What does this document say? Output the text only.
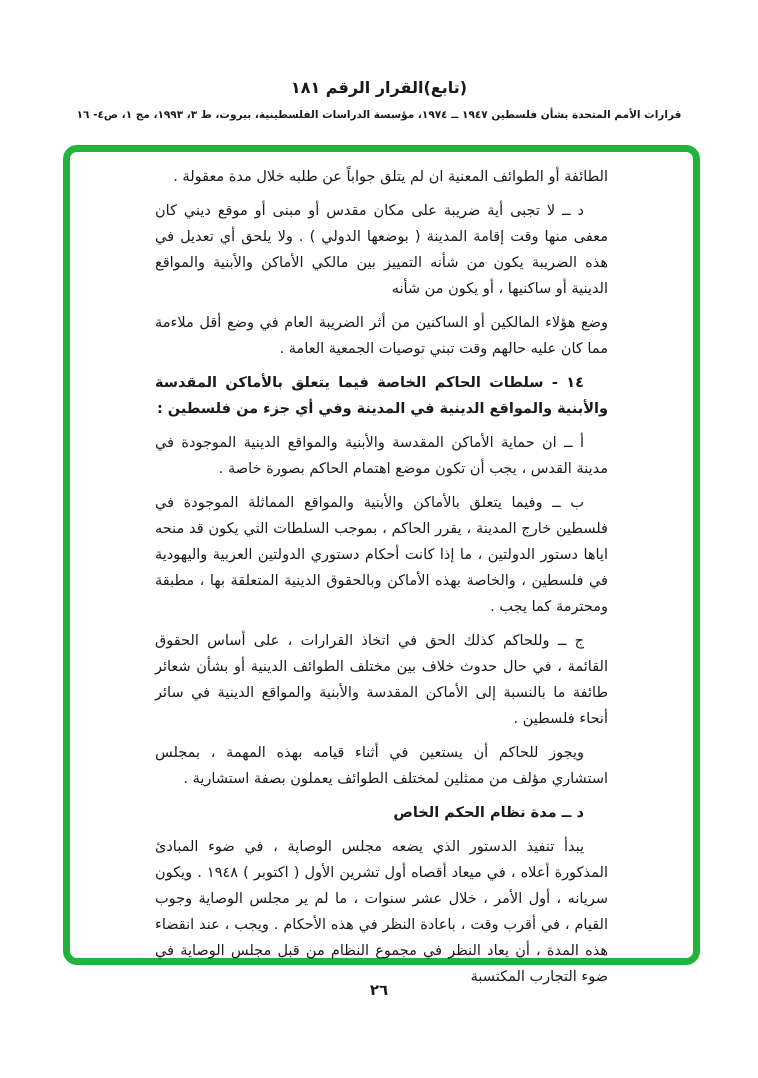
(تابع)القرار الرقم ١٨١
قرارات الأمم المتحدة بشأن فلسطين ١٩٤٧ ــ ١٩٧٤، مؤسسة الدراسات الفلسطينية، بيروت، ط ٣، ١٩٩٣، مج ١، ص٤- ١٦

الطائفة أو الطوائف المعنية ان لم يتلق جواباً عن طلبه خلال مدة معقولة .

د ــ لا تجبى أية ضريبة على مكان مقدس أو مبنى أو موقع ديني كان معفى منها وقت إقامة المدينة ( بوضعها الدولي ) . ولا يلحق أي تعديل في هذه الضريبة يكون من شأنه التمييز بين مالكي الأماكن والأبنية والمواقع الدينية أو ساكنيها ، أو يكون من شأنه

وضع هؤلاء المالكين أو الساكنين من أثر الضريبة العام في وضع أقل ملاءمة مما كان عليه حالهم وقت تبني توصيات الجمعية العامة .

١٤ - سلطات الحاكم الخاصة فيما يتعلق بالأماكن المقدسة والأبنية والمواقع الدينية في المدينة وفي أي جزء من فلسطين :

أ ــ ان حماية الأماكن المقدسة والأبنية والمواقع الدينية الموجودة في مدينة القدس ، يجب أن تكون موضع اهتمام الحاكم بصورة خاصة .

ب ــ وفيما يتعلق بالأماكن والأبنية والمواقع المماثلة الموجودة في فلسطين خارج المدينة ، يقرر الحاكم ، بموجب السلطات التي يكون قد منحه اياها دستور الدولتين ، ما إذا كانت أحكام دستوري الدولتين العربية واليهودية في فلسطين ، والخاصة بهذه الأماكن وبالحقوق الدينية المتعلقة بها ، مطبقة ومحترمة كما يجب .

ج ــ وللحاكم كذلك الحق في اتخاذ القرارات ، على أساس الحقوق القائمة ، في حال حدوث خلاف بين مختلف الطوائف الدينية أو بشأن شعائر طائفة ما بالنسبة إلى الأماكن المقدسة والأبنية والمواقع الدينية في سائر أنحاء فلسطين .

ويجوز للحاكم أن يستعين في أثناء قيامه بهذه المهمة ، بمجلس استشاري مؤلف من ممثلين لمختلف الطوائف يعملون بصفة استشارية .

د ــ مدة نظام الحكم الخاص

يبدأ تنفيذ الدستور الذي يضعه مجلس الوصاية ، في ضوء المبادئ المذكورة أعلاه ، في ميعاد أقصاه أول تشرين الأول ( اكتوبر ) ١٩٤٨ . ويكون سريانه ، أول الأمر ، خلال عشر سنوات ، ما لم ير مجلس الوصاية وجوب القيام ، في أقرب وقت ، باعادة النظر في هذه الأحكام . ويجب ، عند انقضاء هذه المدة ، أن يعاد النظر في مجموع النظام من قبل مجلس الوصاية في ضوء التجارب المكتسبة

٢٦
